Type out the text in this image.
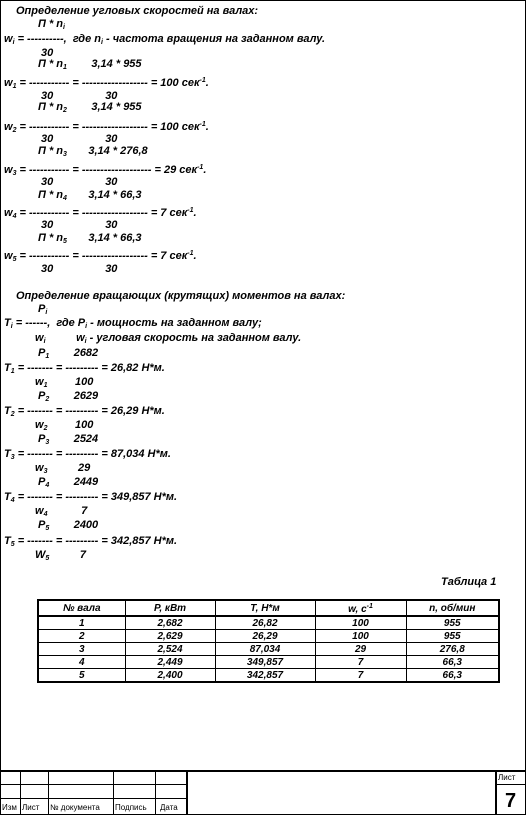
Определение угловых скоростей на валах:
П * $n_i$
$w_i$ = ----------,  где $n_i$ - частота вращения на заданном валу.
30
П * $n_1$        3,14 * 955
$w_1$ = ----------- = ------------------ = 100 сек$^{-1}$.
30                 30
П * $n_2$        3,14 * 955
$w_2$ = ----------- = ------------------ = 100 сек$^{-1}$.
30                 30
П * $n_3$       3,14 * 276,8
$w_3$ = ----------- = ------------------- = 29 сек$^{-1}$.
30                 30
П * $n_4$       3,14 * 66,3
$w_4$ = ----------- = ------------------ = 7 сек$^{-1}$.
30                 30
П * $n_5$       3,14 * 66,3
$w_5$ = ----------- = ------------------ = 7 сек$^{-1}$.
30                 30
Определение вращающих (крутящих) моментов на валах:
$P_i$
$T_i$ = ------,  где $P_i$ - мощность на заданном валу;
$w_i$          $w_i$ - угловая скорость на заданном валу.
$P_1$        2682
$T_1$ = ------- = --------- = 26,82 Н*м.
$w_1$         100
$P_2$        2629
$T_2$ = ------- = --------- = 26,29 Н*м.
$w_2$         100
$P_3$        2524
$T_3$ = ------- = --------- = 87,034 Н*м.
$w_3$          29
$P_4$        2449
$T_4$ = ------- = --------- = 349,857 Н*м.
$w_4$           7
$P_5$        2400
$T_5$ = ------- = --------- = 342,857 Н*м.
$W_5$          7
Таблица 1
№ вала	P, кВт	T, Н*м	w, $c^{-1}$	n, об/мин
1	2,682	26,82	100	955
2	2,629	26,29	100	955
3	2,524	87,034	29	276,8
4	2,449	349,857	7	66,3
5	2,400	342,857	7	66,3
Изм Лист № документа Подпись Дата
Лист
7
